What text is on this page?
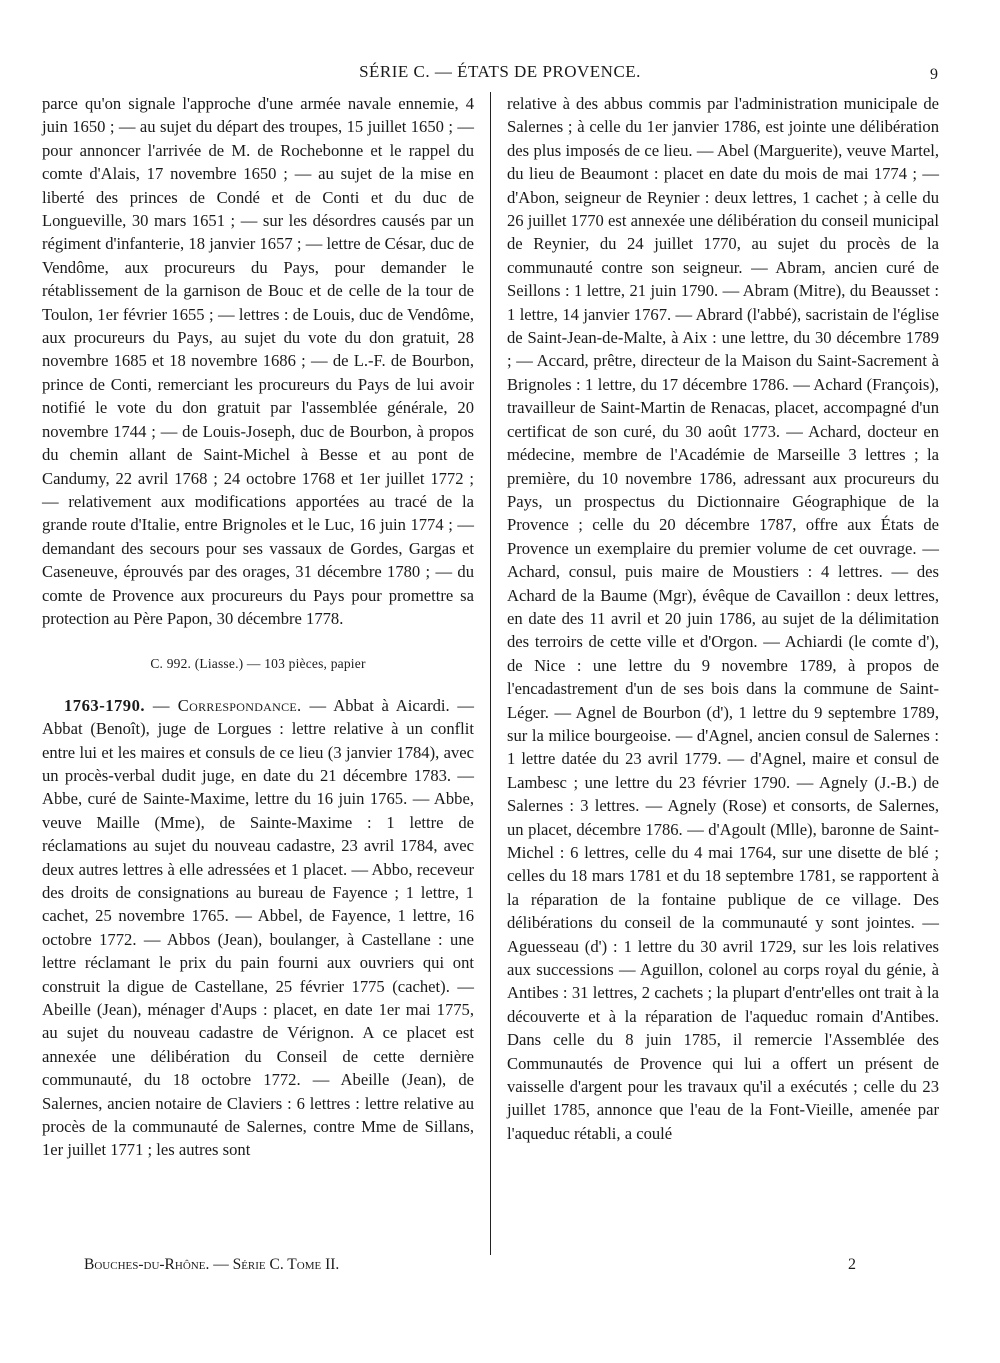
SÉRIE C. — ÉTATS DE PROVENCE.	9

parce qu'on signale l'approche d'une armée navale ennemie, 4 juin 1650 ; — au sujet du départ des troupes, 15 juillet 1650 ; — pour annoncer l'arrivée de M. de Rochebonne et le rappel du comte d'Alais, 17 novembre 1650 ; — au sujet de la mise en liberté des princes de Condé et de Conti et du duc de Longueville, 30 mars 1651 ; — sur les désordres causés par un régiment d'infanterie, 18 janvier 1657 ; — lettre de César, duc de Vendôme, aux procureurs du Pays, pour demander le rétablissement de la garnison de Bouc et de celle de la tour de Toulon, 1er février 1655 ; — lettres : de Louis, duc de Vendôme, aux procureurs du Pays, au sujet du vote du don gratuit, 28 novembre 1685 et 18 novembre 1686 ; — de L.-F. de Bourbon, prince de Conti, remerciant les procureurs du Pays de lui avoir notifié le vote du don gratuit par l'assemblée générale, 20 novembre 1744 ; — de Louis-Joseph, duc de Bourbon, à propos du chemin allant de Saint-Michel à Besse et au pont de Candumy, 22 avril 1768 ; 24 octobre 1768 et 1er juillet 1772 ; — relativement aux modifications apportées au tracé de la grande route d'Italie, entre Brignoles et le Luc, 16 juin 1774 ; — demandant des secours pour ses vassaux de Gordes, Gargas et Caseneuve, éprouvés par des orages, 31 décembre 1780 ; — du comte de Provence aux procureurs du Pays pour promettre sa protection au Père Papon, 30 décembre 1778.

C. 992. (Liasse.) — 103 pièces, papier

1763-1790. — Correspondance. — Abbat à Aicardi. — Abbat (Benoît), juge de Lorgues : lettre relative à un conflit entre lui et les maires et consuls de ce lieu (3 janvier 1784), avec un procès-verbal dudit juge, en date du 21 décembre 1783. — Abbe, curé de Sainte-Maxime, lettre du 16 juin 1765. — Abbe, veuve Maille (Mme), de Sainte-Maxime : 1 lettre de réclamations au sujet du nouveau cadastre, 23 avril 1784, avec deux autres lettres à elle adressées et 1 placet. — Abbo, receveur des droits de consignations au bureau de Fayence ; 1 lettre, 1 cachet, 25 novembre 1765. — Abbel, de Fayence, 1 lettre, 16 octobre 1772. — Abbos (Jean), boulanger, à Castellane : une lettre réclamant le prix du pain fourni aux ouvriers qui ont construit la digue de Castellane, 25 février 1775 (cachet). — Abeille (Jean), ménager d'Aups : placet, en date 1er mai 1775, au sujet du nouveau cadastre de Vérignon. A ce placet est annexée une délibération du Conseil de cette dernière communauté, du 18 octobre 1772. — Abeille (Jean), de Salernes, ancien notaire de Claviers : 6 lettres : lettre relative au procès de la communauté de Salernes, contre Mme de Sillans, 1er juillet 1771 ; les autres sont

relative à des abbus commis par l'administration municipale de Salernes ; à celle du 1er janvier 1786, est jointe une délibération des plus imposés de ce lieu. — Abel (Marguerite), veuve Martel, du lieu de Beaumont : placet en date du mois de mai 1774 ; — d'Abon, seigneur de Reynier : deux lettres, 1 cachet ; à celle du 26 juillet 1770 est annexée une délibération du conseil municipal de Reynier, du 24 juillet 1770, au sujet du procès de la communauté contre son seigneur. — Abram, ancien curé de Seillons : 1 lettre, 21 juin 1790. — Abram (Mitre), du Beausset : 1 lettre, 14 janvier 1767. — Abrard (l'abbé), sacristain de l'église de Saint-Jean-de-Malte, à Aix : une lettre, du 30 décembre 1789 ; — Accard, prêtre, directeur de la Maison du Saint-Sacrement à Brignoles : 1 lettre, du 17 décembre 1786. — Achard (François), travailleur de Saint-Martin de Renacas, placet, accompagné d'un certificat de son curé, du 30 août 1773. — Achard, docteur en médecine, membre de l'Académie de Marseille 3 lettres ; la première, du 10 novembre 1786, adressant aux procureurs du Pays, un prospectus du Dictionnaire Géographique de la Provence ; celle du 20 décembre 1787, offre aux États de Provence un exemplaire du premier volume de cet ouvrage. — Achard, consul, puis maire de Moustiers : 4 lettres. — des Achard de la Baume (Mgr), évêque de Cavaillon : deux lettres, en date des 11 avril et 20 juin 1786, au sujet de la délimitation des terroirs de cette ville et d'Orgon. — Achiardi (le comte d'), de Nice : une lettre du 9 novembre 1789, à propos de l'encadastrement d'un de ses bois dans la commune de Saint-Léger. — Agnel de Bourbon (d'), 1 lettre du 9 septembre 1789, sur la milice bourgeoise. — d'Agnel, ancien consul de Salernes : 1 lettre datée du 23 avril 1779. — d'Agnel, maire et consul de Lambesc ; une lettre du 23 février 1790. — Agnely (J.-B.) de Salernes : 3 lettres. — Agnely (Rose) et consorts, de Salernes, un placet, décembre 1786. — d'Agoult (Mlle), baronne de Saint-Michel : 6 lettres, celle du 4 mai 1764, sur une disette de blé ; celles du 18 mars 1781 et du 18 septembre 1781, se rapportent à la réparation de la fontaine publique de ce village. Des délibérations du conseil de la communauté y sont jointes. — Aguesseau (d') : 1 lettre du 30 avril 1729, sur les lois relatives aux successions — Aguillon, colonel au corps royal du génie, à Antibes : 31 lettres, 2 cachets ; la plupart d'entr'elles ont trait à la découverte et à la réparation de l'aqueduc romain d'Antibes. Dans celle du 8 juin 1785, il remercie l'Assemblée des Communautés de Provence qui lui a offert un présent de vaisselle d'argent pour les travaux qu'il a exécutés ; celle du 23 juillet 1785, annonce que l'eau de la Font-Vieille, amenée par l'aqueduc rétabli, a coulé

Bouches-du-Rhône. — Série C. Tome II.	2
